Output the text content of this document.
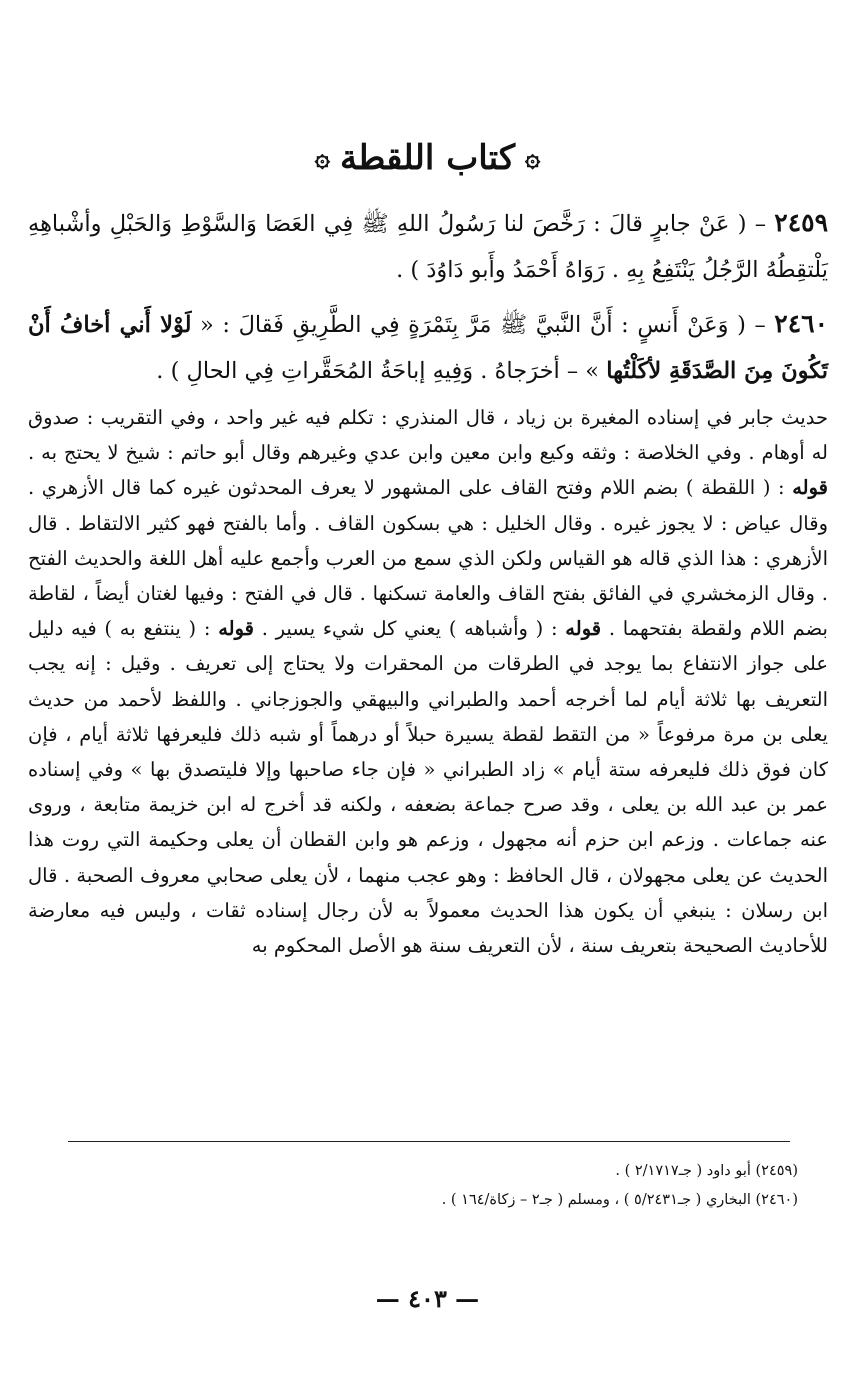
۞كتاب اللقطة۞

٢٤٥٩ – ( عَنْ جابرٍ قالَ : رَخَّصَ لنا رَسُولُ اللهِ ﷺ فِي العَصَا وَالسَّوْطِ وَالحَبْلِ وأشْباهِهِ يَلْتقِطُهُ الرَّجُلُ يَنْتَفِعُ بِهِ . رَوَاهُ أَحْمَدُ وأَبو دَاوُدَ ) .

٢٤٦٠ – ( وَعَنْ أَنسٍ : أَنَّ النَّبيَّ ﷺ مَرَّ بِتَمْرَةٍ فِي الطَّرِيقِ فَقالَ : « لَوْلا أَني أخافُ أَنْ تَكُونَ مِنَ الصَّدَقَةِ لأكَلْتُها » – أخرَجاهُ . وَفِيهِ إباحَةُ المُحَقَّراتِ فِي الحالِ ) .

حديث جابر في إسناده المغيرة بن زياد ، قال المنذري : تكلم فيه غير واحد ، وفي التقريب : صدوق له أوهام . وفي الخلاصة : وثقه وكيع وابن معين وابن عدي وغيرهم وقال أبو حاتم : شيخ لا يحتج به . قوله : ( اللقطة ) بضم اللام وفتح القاف على المشهور لا يعرف المحدثون غيره كما قال الأزهري . وقال عياض : لا يجوز غيره . وقال الخليل : هي بسكون القاف . وأما بالفتح فهو كثير الالتقاط . قال الأزهري : هذا الذي قاله هو القياس ولكن الذي سمع من العرب وأجمع عليه أهل اللغة والحديث الفتح . وقال الزمخشري في الفائق بفتح القاف والعامة تسكنها . قال في الفتح : وفيها لغتان أيضاً ، لقاطة بضم اللام ولقطة بفتحهما . قوله : ( وأشباهه ) يعني كل شيء يسير . قوله : ( ينتفع به ) فيه دليل على جواز الانتفاع بما يوجد في الطرقات من المحقرات ولا يحتاج إلى تعريف . وقيل : إنه يجب التعريف بها ثلاثة أيام لما أخرجه أحمد والطبراني والبيهقي والجوزجاني . واللفظ لأحمد من حديث يعلى بن مرة مرفوعاً « من التقط لقطة يسيرة حبلاً أو درهماً أو شبه ذلك فليعرفها ثلاثة أيام ، فإن كان فوق ذلك فليعرفه ستة أيام » زاد الطبراني « فإن جاء صاحبها وإلا فليتصدق بها » وفي إسناده عمر بن عبد الله بن يعلى ، وقد صرح جماعة بضعفه ، ولكنه قد أخرج له ابن خزيمة متابعة ، وروى عنه جماعات . وزعم ابن حزم أنه مجهول ، وزعم هو وابن القطان أن يعلى وحكيمة التي روت هذا الحديث عن يعلى مجهولان ، قال الحافظ : وهو عجب منهما ، لأن يعلى صحابي معروف الصحبة . قال ابن رسلان : ينبغي أن يكون هذا الحديث معمولاً به لأن رجال إسناده ثقات ، وليس فيه معارضة للأحاديث الصحيحة بتعريف سنة ، لأن التعريف سنة هو الأصل المحكوم به

(٢٤٥٩) أبو داود ( جـ٢/١٧١٧ ) .
(٢٤٦٠) البخاري ( جـ٥/٢٤٣١ ) ، ومسلم ( جـ٢ – زكاة/١٦٤ ) .
— ٤٠٣ —
